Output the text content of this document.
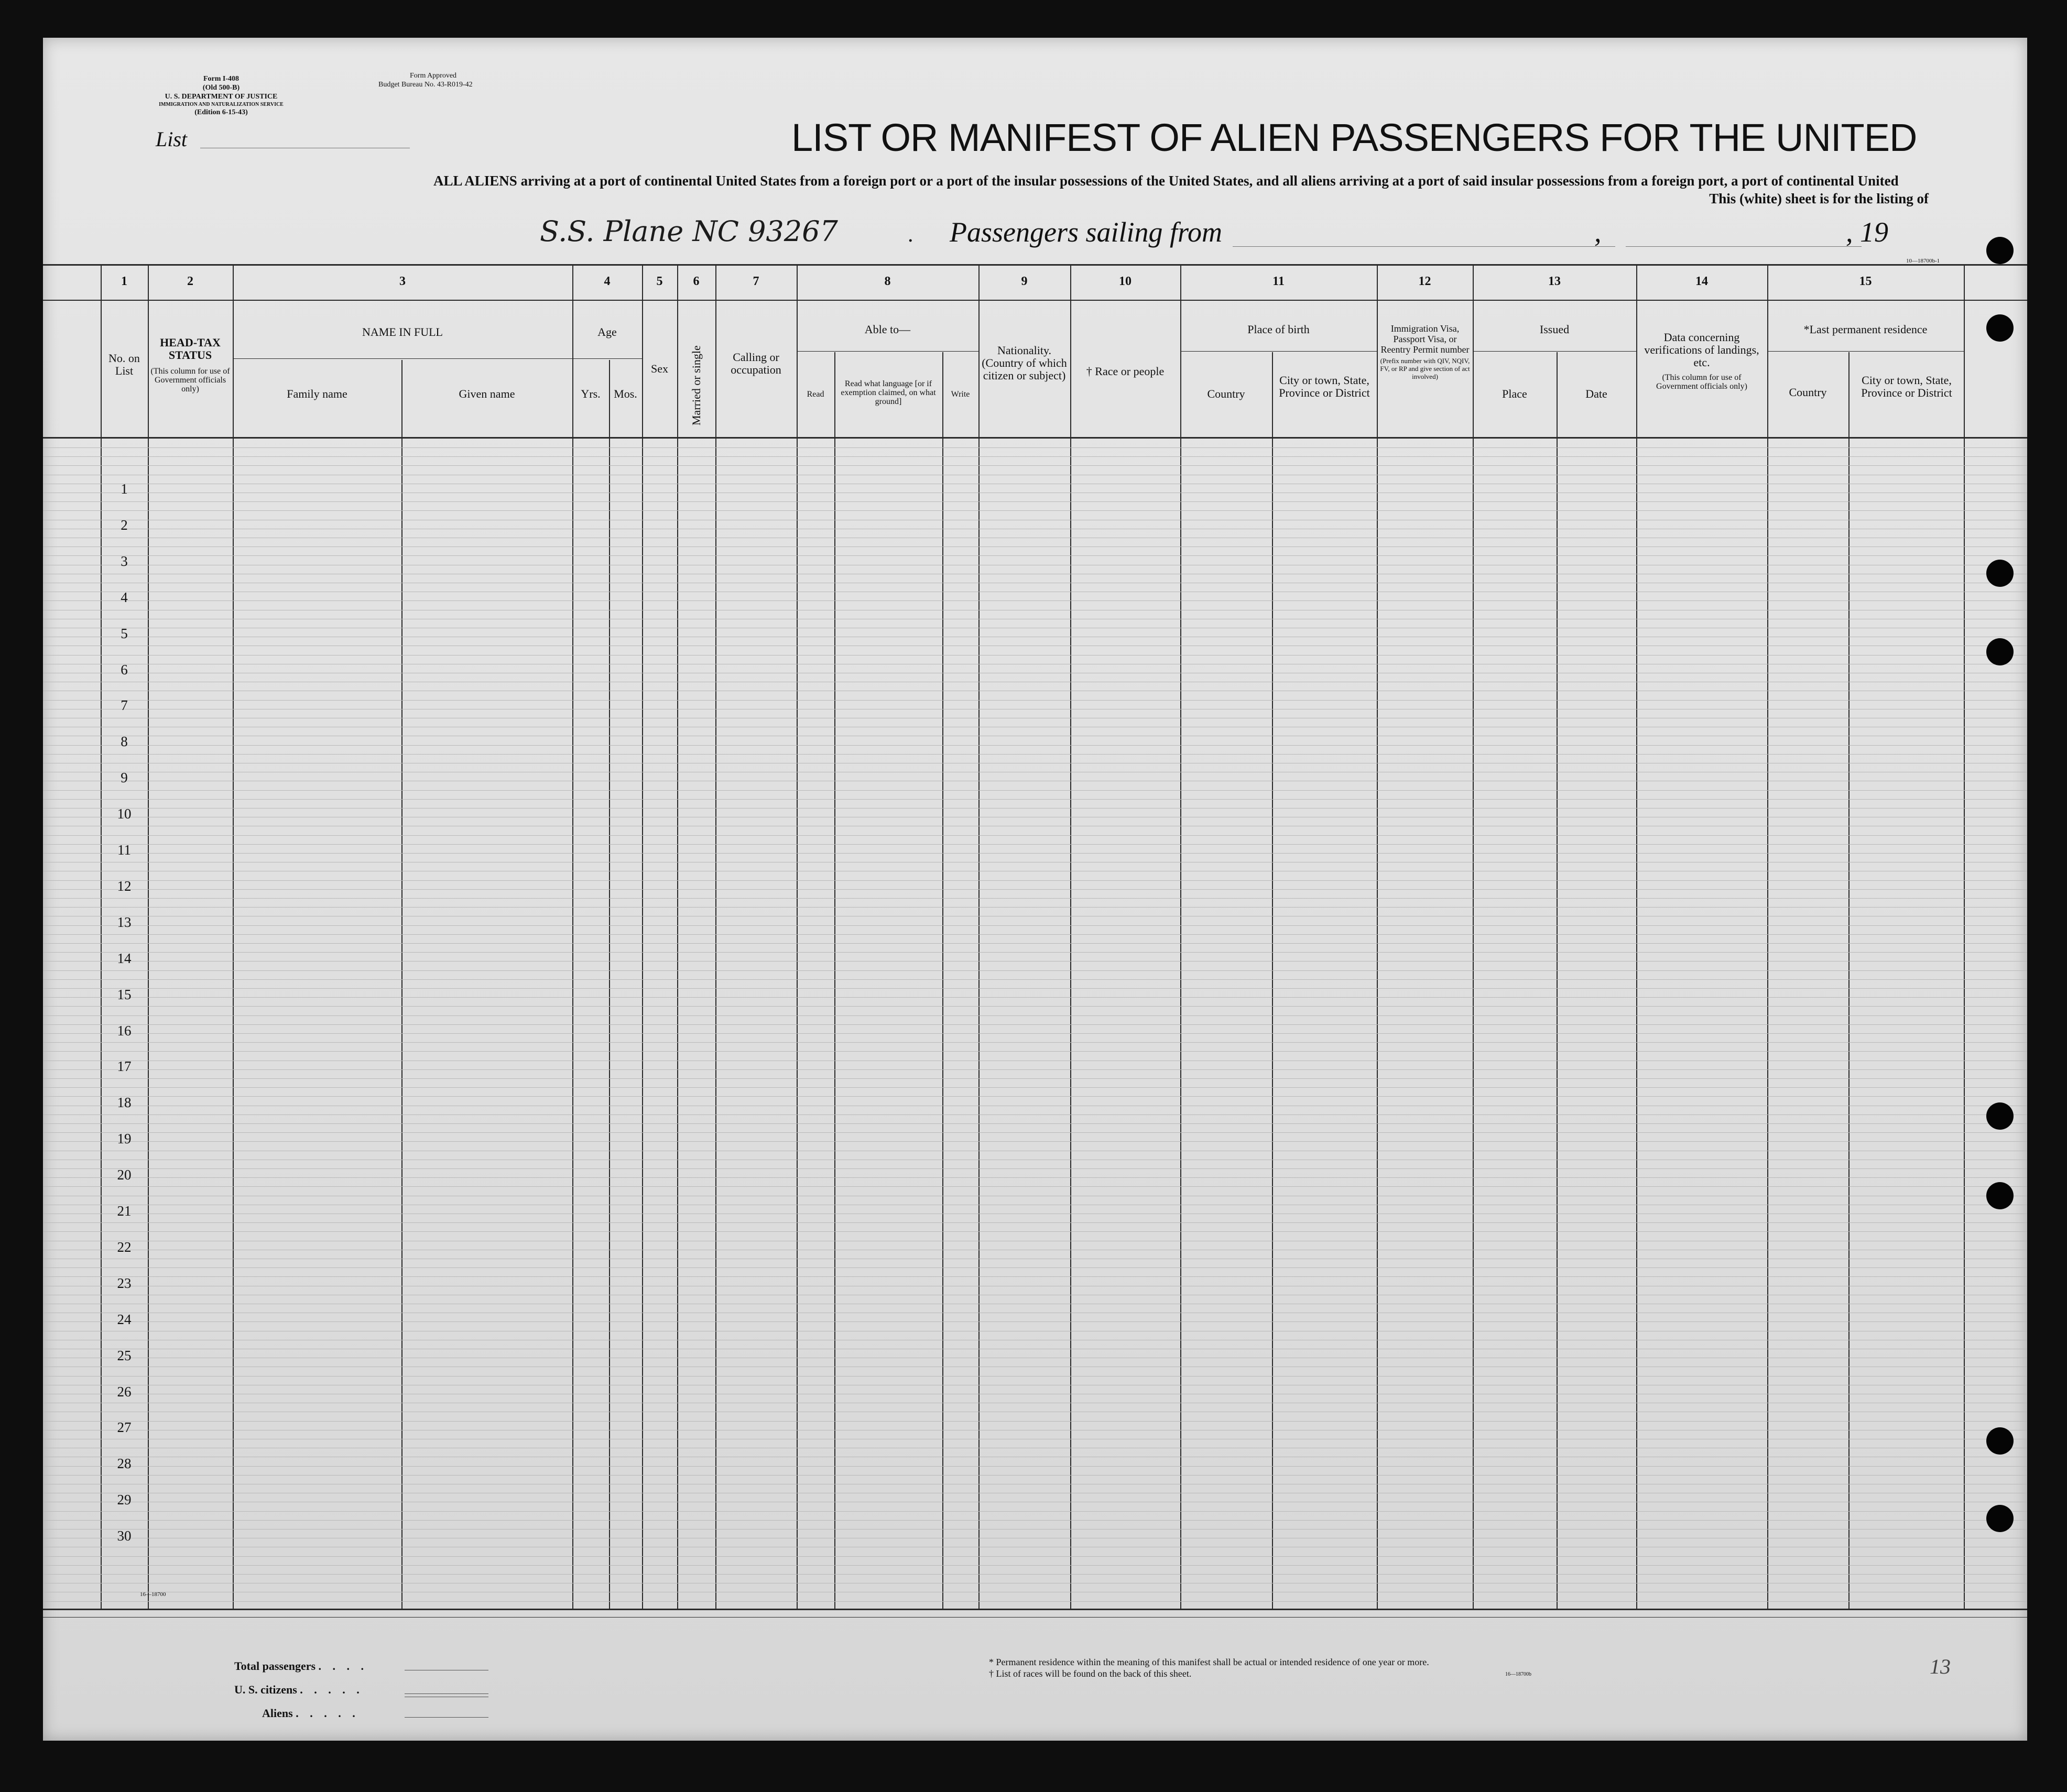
Form I-408
(Old 500-B)
U. S. DEPARTMENT OF JUSTICE
IMMIGRATION AND NATURALIZATION SERVICE
(Edition 6-15-43)
Form Approved
Budget Bureau No. 43-R019-42
List	LIST OR MANIFEST OF ALIEN PASSENGERS FOR THE UNITED
ALL ALIENS arriving at a port of continental United States from a foreign port or a port of the insular possessions of the United States, and all aliens arriving at a port of said insular possessions from a foreign port, a port of continental United
This (white) sheet is for the listing of
S.S. Plane NC 93267	. Passengers sailing from	,	, 19
10—18700b-1
1	2	3	4	5	6	7	8	9	10	11	12	13	14	15
No. on List
HEAD-TAX STATUS
(This column for use of Government officials only)
NAME IN FULL
Family name	Given name
Age
Yrs.	Mos.
Sex	Married or single	Calling or occupation
Able to—
Read
Read what language [or if exemption claimed, on what ground]
Write
Nationality. (Country of which citizen or subject)	† Race or people
Place of birth
Country
City or town, State, Province or District
Immigration Visa, Passport Visa, or Reentry Permit number
(Prefix number with QIV, NQIV, FV, or RP and give section of act involved)
Issued
Place	Date
Data concerning verifications of landings, etc.
(This column for use of Government officials only)
*Last permanent residence
Country
City or town, State, Province or District
1
2
3
4
5
6
7
8
9
10
11
12
13
14
15
16
17
18
19
20
21
22
23
24
25
26
27
28
29
30
16—18700
Total passengers . . . .
U. S. citizens . . . . .
Aliens . . . . .
* Permanent residence within the meaning of this manifest shall be actual or intended residence of one year or more.
† List of races will be found on the back of this sheet.	16—18700b	13
